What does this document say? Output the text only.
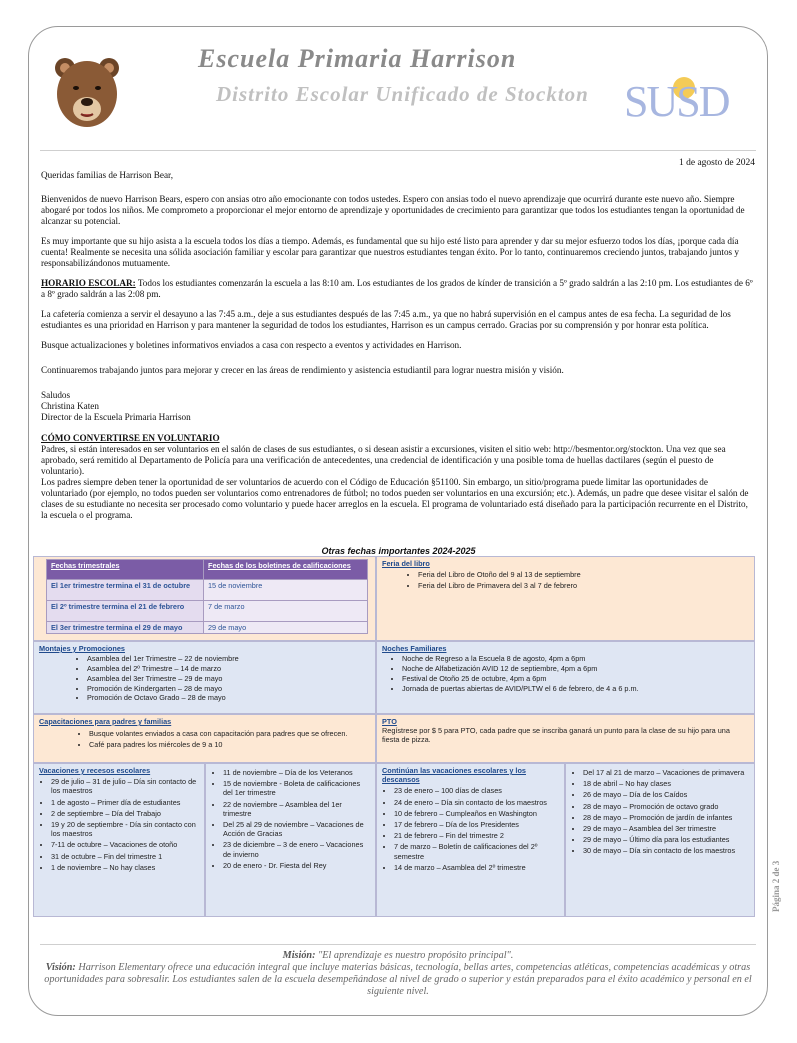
Escuela Primaria Harrison
Distrito Escolar Unificado de Stockton SUSD
1 de agosto de 2024

Queridas familias de Harrison Bear,

Bienvenidos de nuevo Harrison Bears, espero con ansias otro año emocionante con todos ustedes. Espero con ansias todo el nuevo aprendizaje que ocurrirá durante este nuevo año. Siempre abogaré por todos los niños. Me comprometo a proporcionar el mejor entorno de aprendizaje y oportunidades de crecimiento para garantizar que todos los estudiantes tengan la oportunidad de alcanzar su potencial.

Es muy importante que su hijo asista a la escuela todos los días a tiempo. Además, es fundamental que su hijo esté listo para aprender y dar su mejor esfuerzo todos los días, ¡porque cada día cuenta! Realmente se necesita una sólida asociación familiar y escolar para garantizar que nuestros estudiantes tengan éxito. Por lo tanto, continuaremos creciendo juntos, trabajando juntos y responsabilizándonos mutuamente.

HORARIO ESCOLAR: Todos los estudiantes comenzarán la escuela a las 8:10 am. Los estudiantes de los grados de kínder de transición a 5º grado saldrán a las 2:10 pm. Los estudiantes de 6º a 8º grado saldrán a las 2:08 pm.

La cafetería comienza a servir el desayuno a las 7:45 a.m., deje a sus estudiantes después de las 7:45 a.m., ya que no habrá supervisión en el campus antes de esa fecha. La seguridad de los estudiantes es una prioridad en Harrison y para mantener la seguridad de todos los estudiantes, Harrison es un campus cerrado. Gracias por su comprensión y por honrar esta política.

Busque actualizaciones y boletines informativos enviados a casa con respecto a eventos y actividades en Harrison.

Continuaremos trabajando juntos para mejorar y crecer en las áreas de rendimiento y asistencia estudiantil para lograr nuestra misión y visión.

Saludos
Christina Katen
Director de la Escuela Primaria Harrison

CÓMO CONVERTIRSE EN VOLUNTARIO

Padres, si están interesados en ser voluntarios en el salón de clases de sus estudiantes, o si desean asistir a excursiones, visiten el sitio web: http://besmentor.org/stockton. Una vez que sea aprobado, será remitido al Departamento de Policía para una verificación de antecedentes, una credencial de identificación y una posible toma de huellas dactilares (según el puesto de voluntario).

Los padres siempre deben tener la oportunidad de ser voluntarios de acuerdo con el Código de Educación §51100. Sin embargo, un sitio/programa puede limitar las oportunidades de voluntariado (por ejemplo, no todos pueden ser voluntarios como entrenadores de fútbol; no todos pueden ser voluntarios en una excursión; etc.). Además, un padre que desee visitar el salón de clases de su estudiante no necesita ser procesado como voluntario y puede hacer arreglos en la escuela. El programa de voluntariado está diseñado para la participación recurrente en el Distrito, la escuela o el programa.

Otras fechas importantes 2024-2025
Fechas trimestrales	Fechas de los boletines de calificaciones
El 1er trimestre termina el 31 de octubre	15 de noviembre
El 2º trimestre termina el 21 de febrero	7 de marzo
El 3er trimestre termina el 29 de mayo	29 de mayo
Feria del libro
• Feria del Libro de Otoño del 9 al 13 de septiembre
• Feria del Libro de Primavera del 3 al 7 de febrero
Montajes y Promociones
• Asamblea del 1er Trimestre – 22 de noviembre
• Asamblea del 2º Trimestre – 14 de marzo
• Asamblea del 3er Trimestre – 29 de mayo
• Promoción de Kindergarten – 28 de mayo
• Promoción de Octavo Grado – 28 de mayo
Noches Familiares
• Noche de Regreso a la Escuela 8 de agosto, 4pm a 6pm
• Noche de Alfabetización AVID 12 de septiembre, 4pm a 6pm
• Festival de Otoño 25 de octubre, 4pm a 6pm
• Jornada de puertas abiertas de AVID/PLTW el 6 de febrero, de 4 a 6 p.m.
Capacitaciones para padres y familias
• Busque volantes enviados a casa con capacitación para padres que se ofrecen.
• Café para padres los miércoles de 9 a 10
PTO
Regístrese por $ 5 para PTO, cada padre que se inscriba ganará un punto para la clase de su hijo para una fiesta de pizza.
Vacaciones y recesos escolares
• 29 de julio – 31 de julio – Día sin contacto de los maestros
• 1 de agosto – Primer día de estudiantes
• 2 de septiembre – Día del Trabajo
• 19 y 20 de septiembre - Día sin contacto con los maestros
• 7-11 de octubre – Vacaciones de otoño
• 31 de octubre – Fin del trimestre 1
• 1 de noviembre – No hay clases
• 11 de noviembre – Día de los Veteranos
• 15 de noviembre - Boleta de calificaciones del 1er trimestre
• 22 de noviembre – Asamblea del 1er trimestre
• Del 25 al 29 de noviembre – Vacaciones de Acción de Gracias
• 23 de diciembre – 3 de enero – Vacaciones de invierno
• 20 de enero - Dr. Fiesta del Rey
Continúan las vacaciones escolares y los descansos
• 23 de enero – 100 días de clases
• 24 de enero – Día sin contacto de los maestros
• 10 de febrero – Cumpleaños en Washington
• 17 de febrero – Día de los Presidentes
• 21 de febrero – Fin del trimestre 2
• 7 de marzo – Boletín de calificaciones del 2º semestre
• 14 de marzo – Asamblea del 2º trimestre
• Del 17 al 21 de marzo – Vacaciones de primavera
• 18 de abril – No hay clases
• 26 de mayo – Día de los Caídos
• 28 de mayo – Promoción de octavo grado
• 28 de mayo – Promoción de jardín de infantes
• 29 de mayo – Asamblea del 3er trimestre
• 29 de mayo – Último día para los estudiantes
• 30 de mayo – Día sin contacto de los maestros
Misión: "El aprendizaje es nuestro propósito principal".
Visión: Harrison Elementary ofrece una educación integral que incluye materias básicas, tecnología, bellas artes, competencias atléticas, competencias académicas y otras oportunidades para sobresalir. Los estudiantes salen de la escuela desempeñándose al nivel de grado o superior y están preparados para el éxito académico y personal en el siguiente nivel.
Página 2 de 3
